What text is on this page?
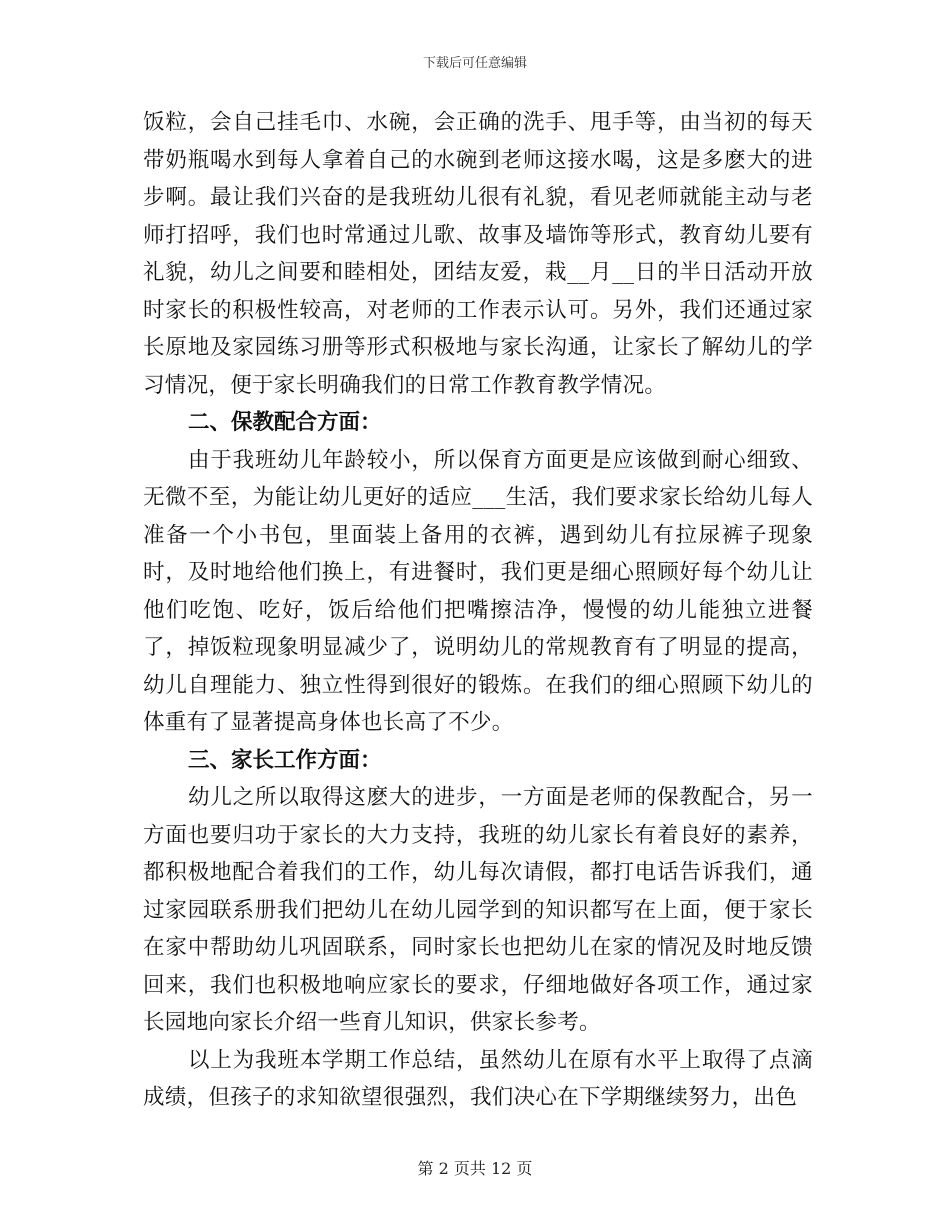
下载后可任意编辑

饭粒，会自己挂毛巾、水碗，会正确的洗手、甩手等，由当初的每天带奶瓶喝水到每人拿着自己的水碗到老师这接水喝，这是多麽大的进步啊。最让我们兴奋的是我班幼儿很有礼貌，看见老师就能主动与老师打招呼，我们也时常通过儿歌、故事及墙饰等形式，教育幼儿要有礼貌，幼儿之间要和睦相处，团结友爱，栽__月__日的半日活动开放时家长的积极性较高，对老师的工作表示认可。另外，我们还通过家长原地及家园练习册等形式积极地与家长沟通，让家长了解幼儿的学习情况，便于家长明确我们的日常工作教育教学情况。

二、保教配合方面：

由于我班幼儿年龄较小，所以保育方面更是应该做到耐心细致、无微不至，为能让幼儿更好的适应___生活，我们要求家长给幼儿每人准备一个小书包，里面装上备用的衣裤，遇到幼儿有拉尿裤子现象时，及时地给他们换上，有进餐时，我们更是细心照顾好每个幼儿让他们吃饱、吃好，饭后给他们把嘴擦洁净，慢慢的幼儿能独立进餐了，掉饭粒现象明显减少了，说明幼儿的常规教育有了明显的提高，幼儿自理能力、独立性得到很好的锻炼。在我们的细心照顾下幼儿的体重有了显著提高身体也长高了不少。

三、家长工作方面：

幼儿之所以取得这麽大的进步，一方面是老师的保教配合，另一方面也要归功于家长的大力支持，我班的幼儿家长有着良好的素养，都积极地配合着我们的工作，幼儿每次请假，都打电话告诉我们，通过家园联系册我们把幼儿在幼儿园学到的知识都写在上面，便于家长在家中帮助幼儿巩固联系，同时家长也把幼儿在家的情况及时地反馈回来，我们也积极地响应家长的要求，仔细地做好各项工作，通过家长园地向家长介绍一些育儿知识，供家长参考。

以上为我班本学期工作总结，虽然幼儿在原有水平上取得了点滴成绩，但孩子的求知欲望很强烈，我们决心在下学期继续努力，出色

第 2 页共 12 页
